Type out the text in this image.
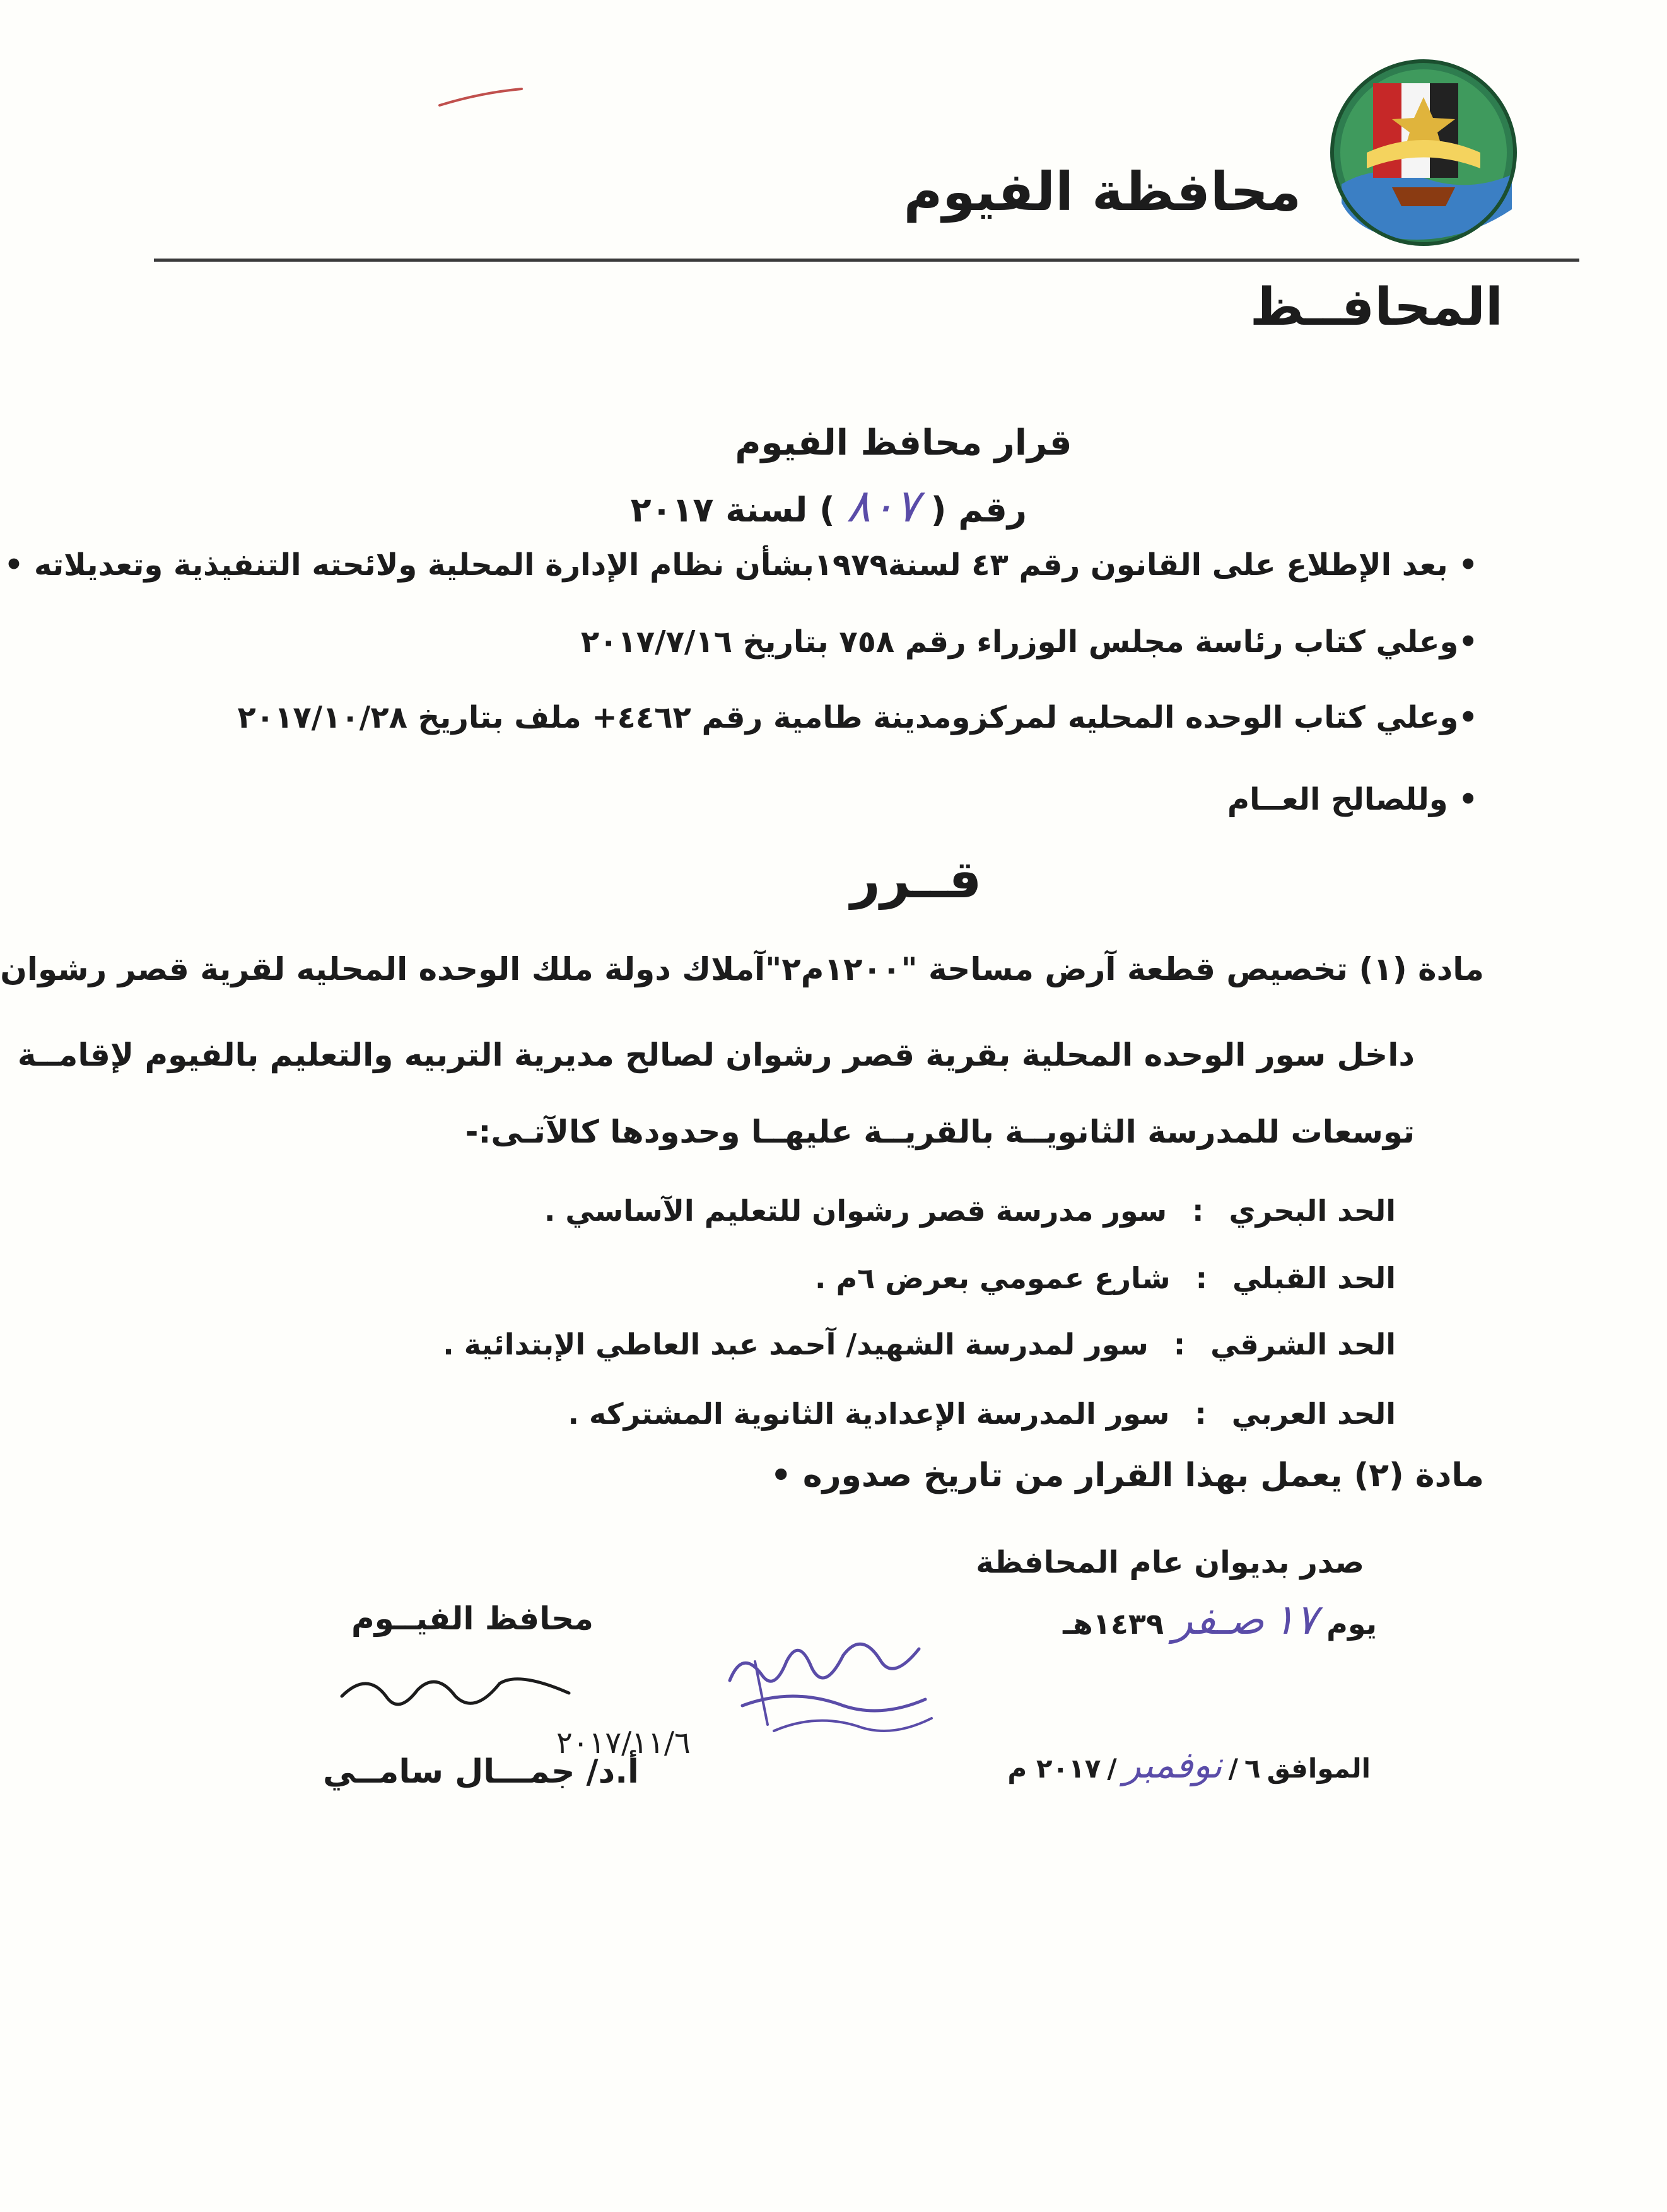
محافظة الفيوم
المحافــظ
قرار محافظ الفيوم
رقم (
٨٠٧
) لسنة ٢٠١٧
• بعد الإطلاع على القانون رقم ٤٣ لسنة١٩٧٩بشأن نظام الإدارة المحلية ولائحته التنفيذية وتعديلاته •
•وعلي كتاب رئاسة مجلس الوزراء رقم ٧٥٨ بتاريخ ٢٠١٧/٧/١٦
•وعلي كتاب الوحده المحليه لمركزومدينة طامية رقم ٤٤٦٢+ ملف بتاريخ ٢٠١٧/١٠/٢٨
• وللصالح العــام
قــرر
مادة (١) تخصيص قطعة آرض مساحة "١٢٠٠م٢"آملاك دولة ملك الوحده المحليه لقرية قصر رشوان
داخل سور الوحده المحلية بقرية قصر رشوان لصالح مديرية التربيه والتعليم بالفيوم لإقامــة
توسعات للمدرسة الثانويــة بالقريــة عليهــا وحدودها كالآتـى:-
الحد البحري
:
سور مدرسة قصر رشوان للتعليم الآساسي .
الحد القبلي
:
شارع عمومي بعرض ٦م .
الحد الشرقي
:
سور لمدرسة الشهيد/ آحمد عبد العاطي الإبتدائية .
الحد العربي
:
سور المدرسة الإعدادية الثانوية المشتركه .
مادة (٢) يعمل بهذا القرار من تاريخ صدوره •
صدر بديوان عام المحافظة
يوم
١٧
صـفر
١٤٣٩هـ
الموافق
٦
/
نوفمبر
/
٢٠١٧ م
محافظ الفيــوم
٢٠١٧/١١/٦
أ.د/ جمـــال سامــي
